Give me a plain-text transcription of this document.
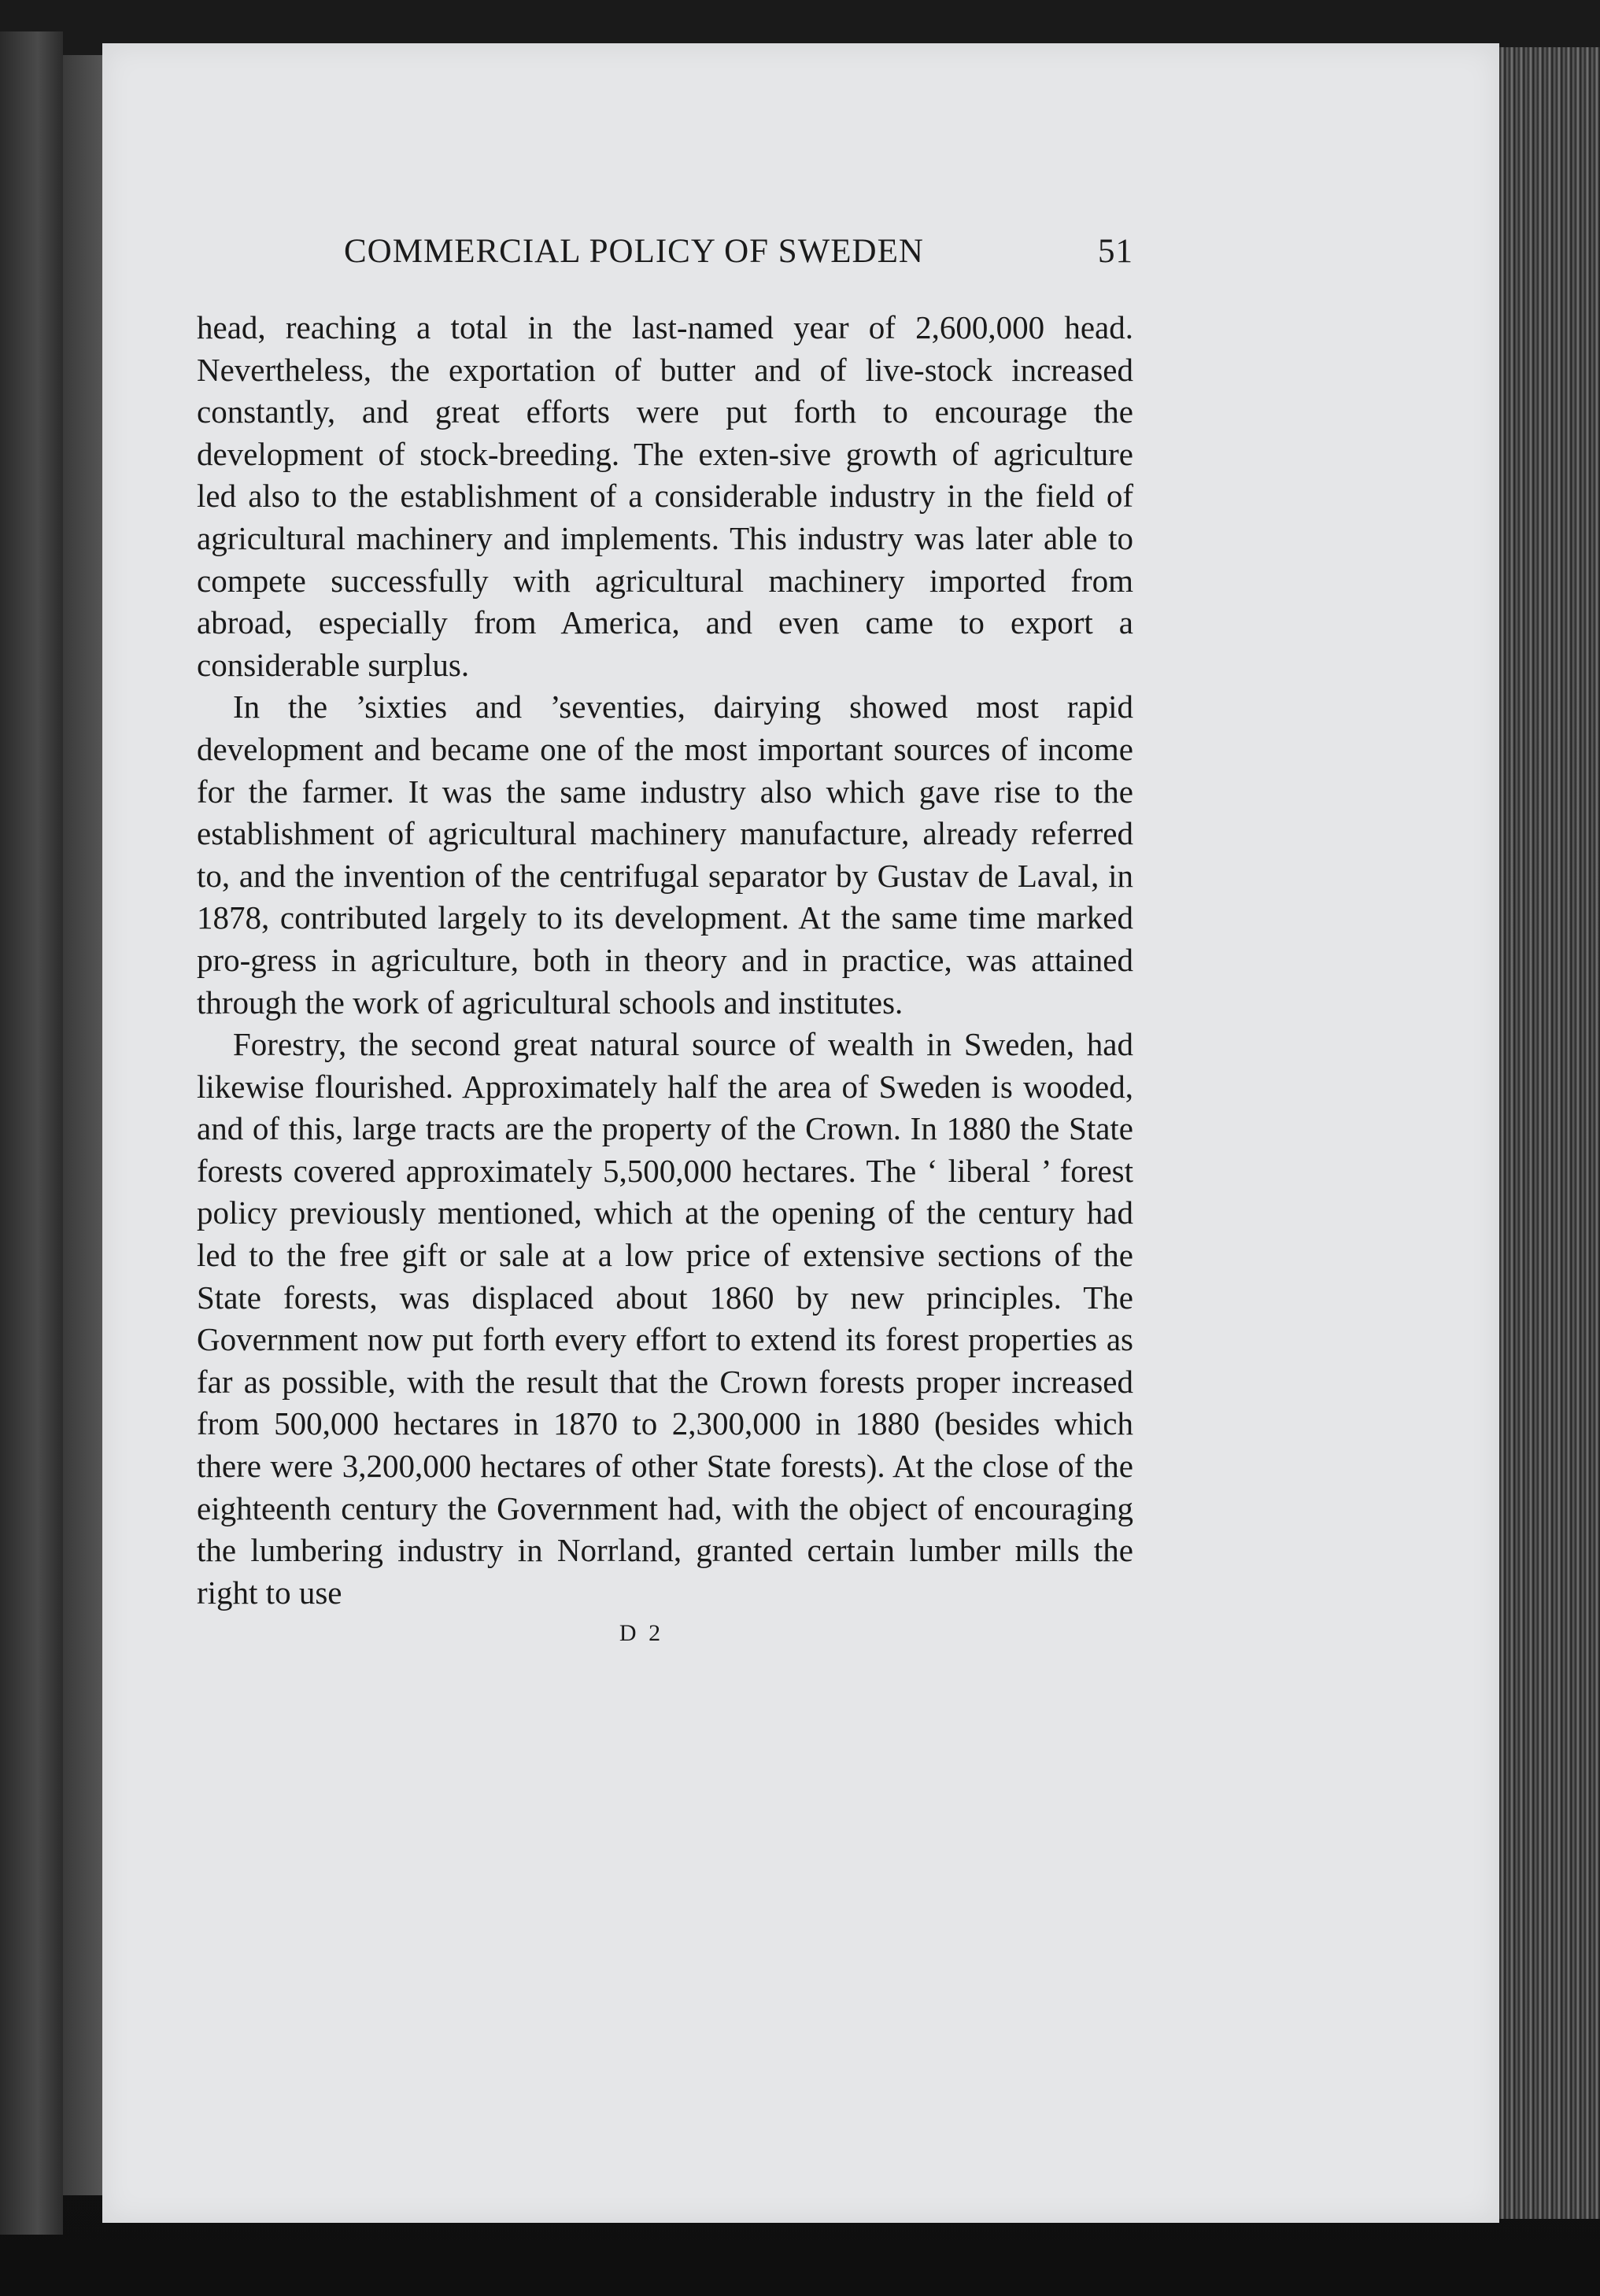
COMMERCIAL POLICY OF SWEDEN	51

head, reaching a total in the last-named year of 2,600,000 head. Nevertheless, the exportation of butter and of live-stock increased constantly, and great efforts were put forth to encourage the development of stock-breeding. The exten-sive growth of agriculture led also to the establishment of a considerable industry in the field of agricultural machinery and implements. This industry was later able to compete successfully with agricultural machinery imported from abroad, especially from America, and even came to export a considerable surplus.

In the ’sixties and ’seventies, dairying showed most rapid development and became one of the most important sources of income for the farmer. It was the same industry also which gave rise to the establishment of agricultural machinery manufacture, already referred to, and the invention of the centrifugal separator by Gustav de Laval, in 1878, contributed largely to its development. At the same time marked pro-gress in agriculture, both in theory and in practice, was attained through the work of agricultural schools and institutes.

Forestry, the second great natural source of wealth in Sweden, had likewise flourished. Approximately half the area of Sweden is wooded, and of this, large tracts are the property of the Crown. In 1880 the State forests covered approximately 5,500,000 hectares. The ‘ liberal ’ forest policy previously mentioned, which at the opening of the century had led to the free gift or sale at a low price of extensive sections of the State forests, was displaced about 1860 by new principles. The Government now put forth every effort to extend its forest properties as far as possible, with the result that the Crown forests proper increased from 500,000 hectares in 1870 to 2,300,000 in 1880 (besides which there were 3,200,000 hectares of other State forests). At the close of the eighteenth century the Government had, with the object of encouraging the lumbering industry in Norrland, granted certain lumber mills the right to use

D 2
